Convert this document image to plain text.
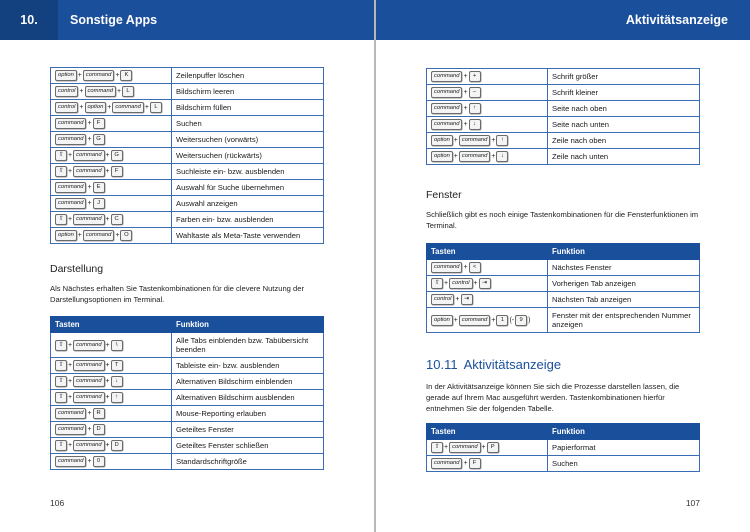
10.	Sonstige Apps
option + command + K	Zeilenpuffer löschen
control + command + L	Bildschirm leeren
control + option + command + L	Bildschirm füllen
command + F	Suchen
command + G	Weitersuchen (vorwärts)
⇧ + command + G	Weitersuchen (rückwärts)
⇧ + command + F	Suchleiste ein- bzw. ausblenden
command + E	Auswahl für Suche übernehmen
command + J	Auswahl anzeigen
⇧ + command + C	Farben ein- bzw. ausblenden
option + command + O	Wahltaste als Meta-Taste verwenden
Darstellung

Als Nächstes erhalten Sie Tastenkombinationen für die clevere Nutzung der Darstellungsoptionen im Terminal.

Tasten	Funktion
⇧ + command + \	Alle Tabs einblenden bzw. Tabübersicht beenden
⇧ + command + T	Tableiste ein- bzw. ausblenden
⇧ + command + ↓	Alternativen Bildschirm einblenden
⇧ + command + ↑	Alternativen Bildschirm ausblenden
command + R	Mouse-Reporting erlauben
command + D	Geteiltes Fenster
⇧ + command + D	Geteiltes Fenster schließen
command + 0	Standardschriftgröße
106
Aktivitätsanzeige
command + +	Schrift größer
command + –	Schrift kleiner
command + ↑	Seite nach oben
command + ↓	Seite nach unten
option + command + ↑	Zeile nach oben
option + command + ↓	Zeile nach unten
Fenster

Schließlich gibt es noch einige Tastenkombinationen für die Fensterfunktionen im Terminal.

Tasten	Funktion
command + <	Nächstes Fenster
⇧ + control + ⇥	Vorherigen Tab anzeigen
control + ⇥	Nächsten Tab anzeigen
option + command + 1 (- 9 )	Fenster mit der entsprechenden Nummer anzeigen
10.11 Aktivitätsanzeige

In der Aktivitätsanzeige können Sie sich die Prozesse darstellen lassen, die gerade auf Ihrem Mac ausgeführt werden. Tastenkombinationen hierfür entnehmen Sie der folgenden Tabelle.

Tasten	Funktion
⇧ + command + P	Papierformat
command + F	Suchen
107
